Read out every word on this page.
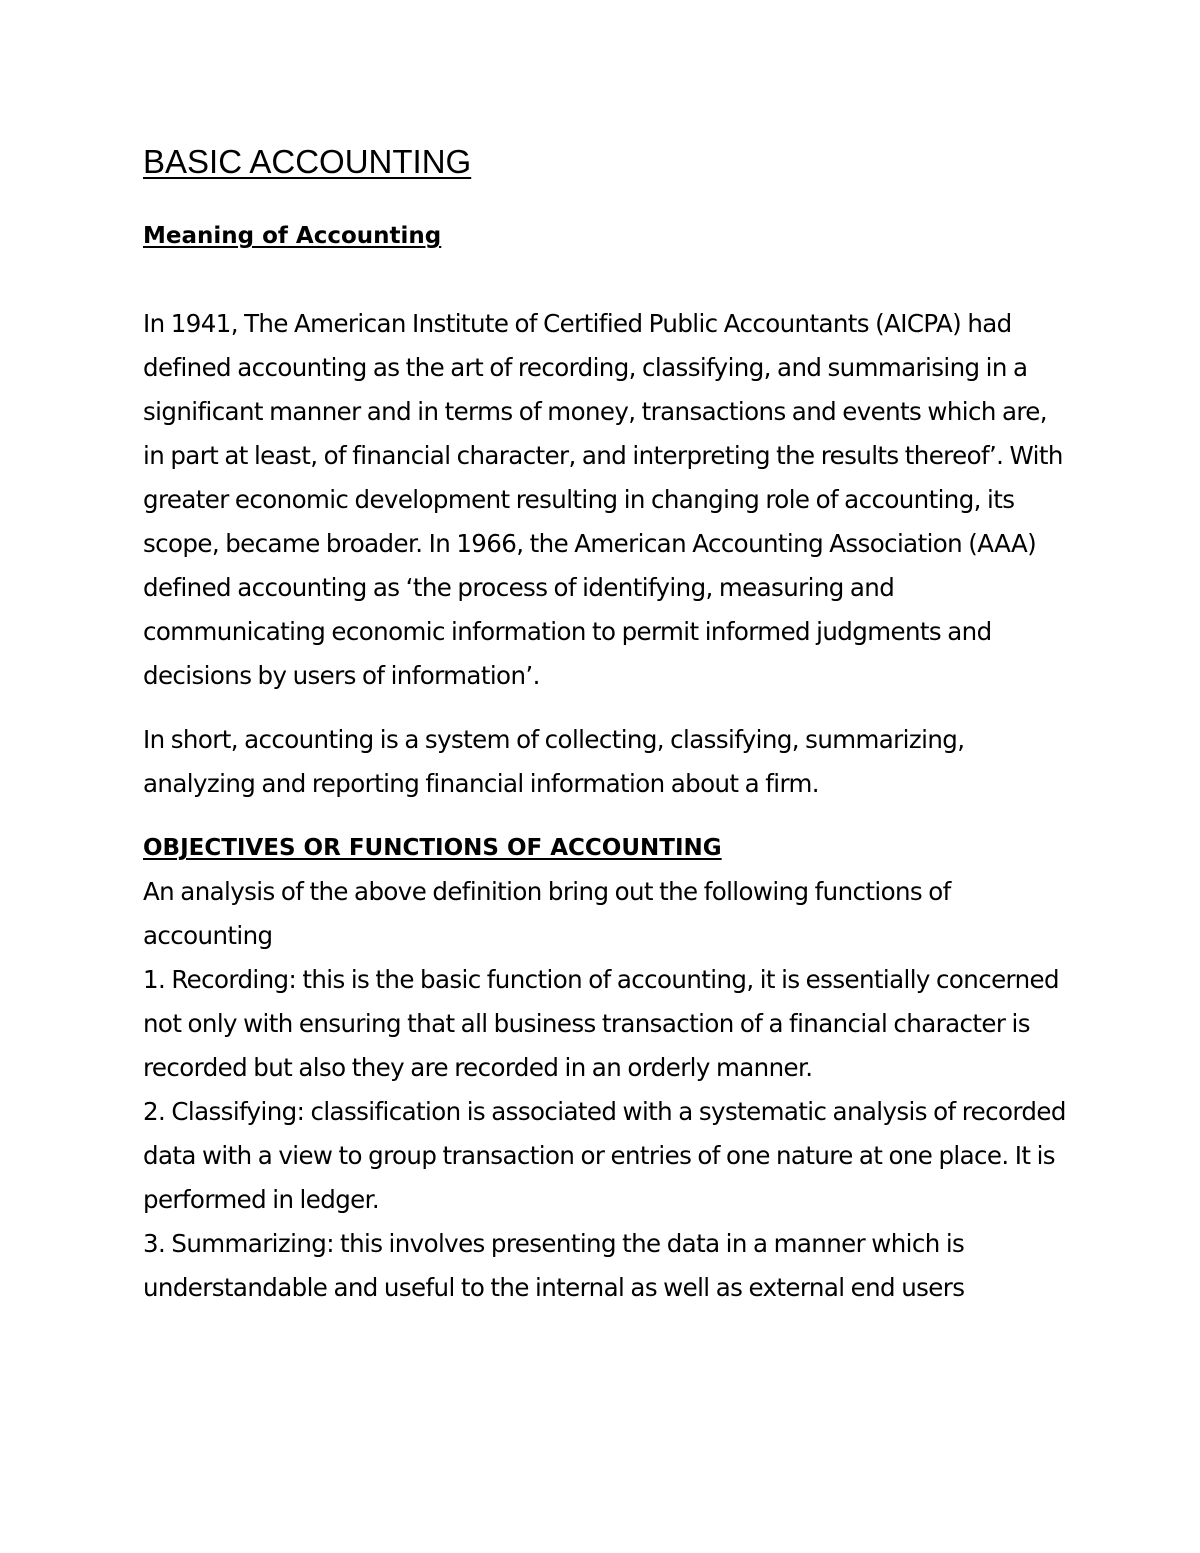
BASIC ACCOUNTING
Meaning of Accounting

In 1941, The American Institute of Certified Public Accountants (AICPA) had defined accounting as the art of recording, classifying, and summarising in a significant manner and in terms of money, transactions and events which are, in part at least, of financial character, and interpreting the results thereof’. With greater economic development resulting in changing role of accounting, its scope, became broader. In 1966, the American Accounting Association (AAA) defined accounting as ‘the process of identifying, measuring and communicating economic information to permit informed judgments and decisions by users of information’.

In short, accounting is a system of collecting, classifying, summarizing, analyzing and reporting financial information about a firm.

OBJECTIVES OR FUNCTIONS OF ACCOUNTING

An analysis of the above definition bring out the following functions of accounting

1. Recording: this is the basic function of accounting, it is essentially concerned not only with ensuring that all business transaction of a financial character is recorded but also they are recorded in an orderly manner.
2. Classifying: classification is associated with a systematic analysis of recorded data with a view to group transaction or entries of one nature at one place. It is performed in ledger.
3. Summarizing: this involves presenting the data in a manner which is understandable and useful to the internal as well as external end users
